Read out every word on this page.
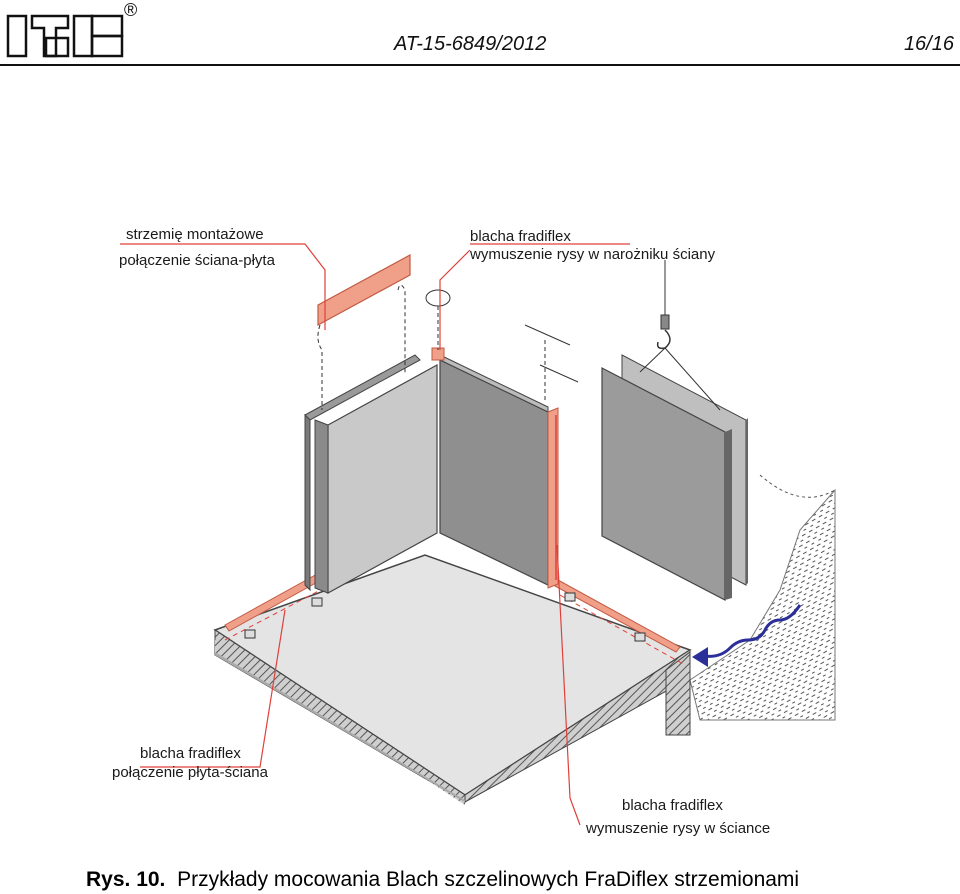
®
AT-15-6849/2012	16/16
strzemię montażowe
połączenie ściana-płyta
blacha fradiflex
wymuszenie rysy w narożniku ściany
blacha fradiflex
połączenie płyta-ściana
blacha fradiflex
wymuszenie rysy w ściance
Rys. 10. Przykłady mocowania Blach szczelinowych FraDiflex strzemionami
